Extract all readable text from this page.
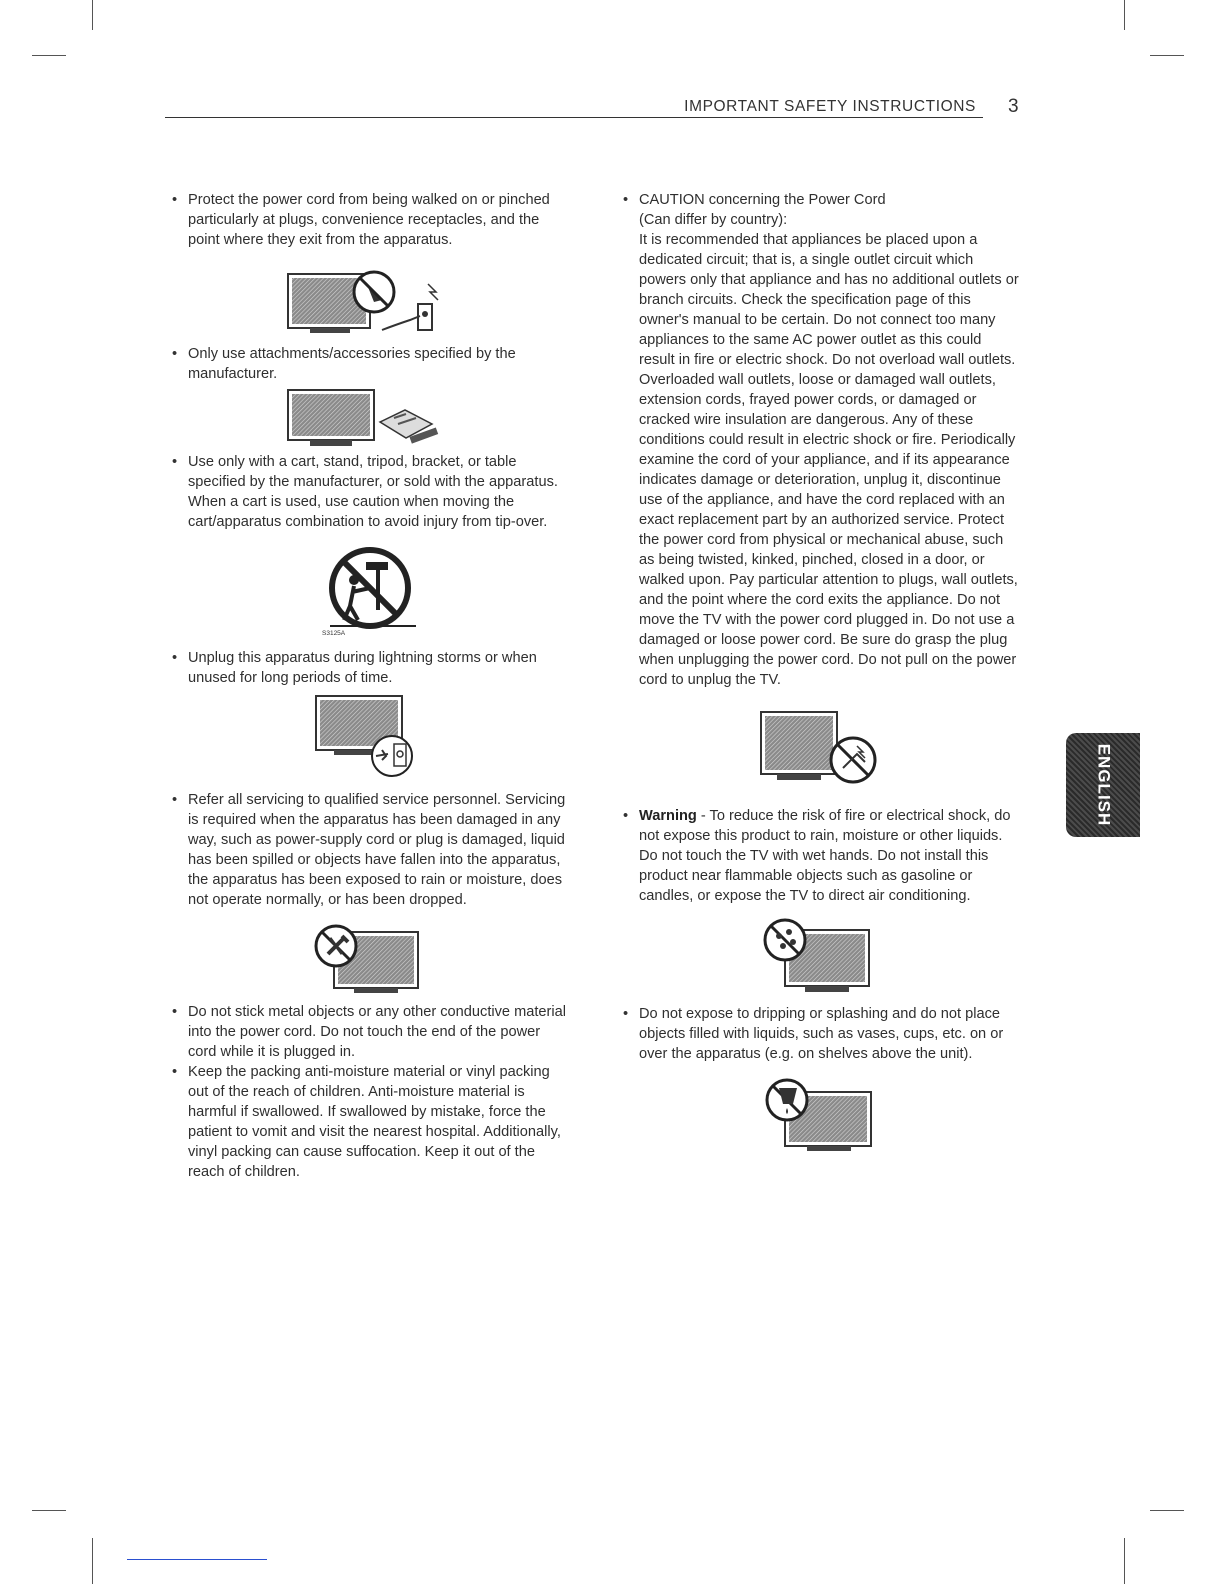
IMPORTANT SAFETY INSTRUCTIONS 3
• Protect the power cord from being walked on or pinched particularly at plugs, convenience receptacles, and the point where they exit from the apparatus.
• Only use attachments/accessories specified by the manufacturer.
• Use only with a cart, stand, tripod, bracket, or table specified by the manufacturer, or sold with the apparatus. When a cart is used, use caution when moving the cart/apparatus combination to avoid injury from tip-over.
S3125A
• Unplug this apparatus during lightning storms or when unused for long periods of time.
• Refer all servicing to qualified service personnel. Servicing is required when the apparatus has been damaged in any way, such as power-supply cord or plug is damaged, liquid has been spilled or objects have fallen into the apparatus, the apparatus has been exposed to rain or moisture, does not operate normally, or has been dropped.
• Do not stick metal objects or any other conductive material into the power cord. Do not touch the end of the power cord while it is plugged in.
• Keep the packing anti-moisture material or vinyl packing out of the reach of children. Anti-moisture material is harmful if swallowed. If swallowed by mistake, force the patient to vomit and visit the nearest hospital. Additionally, vinyl packing can cause suffocation. Keep it out of the reach of children.
• CAUTION concerning the Power Cord
(Can differ by country):
It is recommended that appliances be placed upon a dedicated circuit; that is, a single outlet circuit which powers only that appliance and has no additional outlets or branch circuits. Check the specification page of this owner's manual to be certain. Do not connect too many appliances to the same AC power outlet as this could result in fire or electric shock. Do not overload wall outlets. Overloaded wall outlets, loose or damaged wall outlets, extension cords, frayed power cords, or damaged or cracked wire insulation are dangerous. Any of these conditions could result in electric shock or fire. Periodically examine the cord of your appliance, and if its appearance indicates damage or deterioration, unplug it, discontinue use of the appliance, and have the cord replaced with an exact replacement part by an authorized service. Protect the power cord from physical or mechanical abuse, such as being twisted, kinked, pinched, closed in a door, or walked upon. Pay particular attention to plugs, wall outlets, and the point where the cord exits the appliance. Do not move the TV with the power cord plugged in. Do not use a damaged or loose power cord. Be sure do grasp the plug when unplugging the power cord. Do not pull on the power cord to unplug the TV.
• Warning - To reduce the risk of fire or electrical shock, do not expose this product to rain, moisture or other liquids. Do not touch the TV with wet hands. Do not install this product near flammable objects such as gasoline or candles, or expose the TV to direct air conditioning.
• Do not expose to dripping or splashing and do not place objects filled with liquids, such as vases, cups, etc. on or over the apparatus (e.g. on shelves above the unit).
ENGLISH
